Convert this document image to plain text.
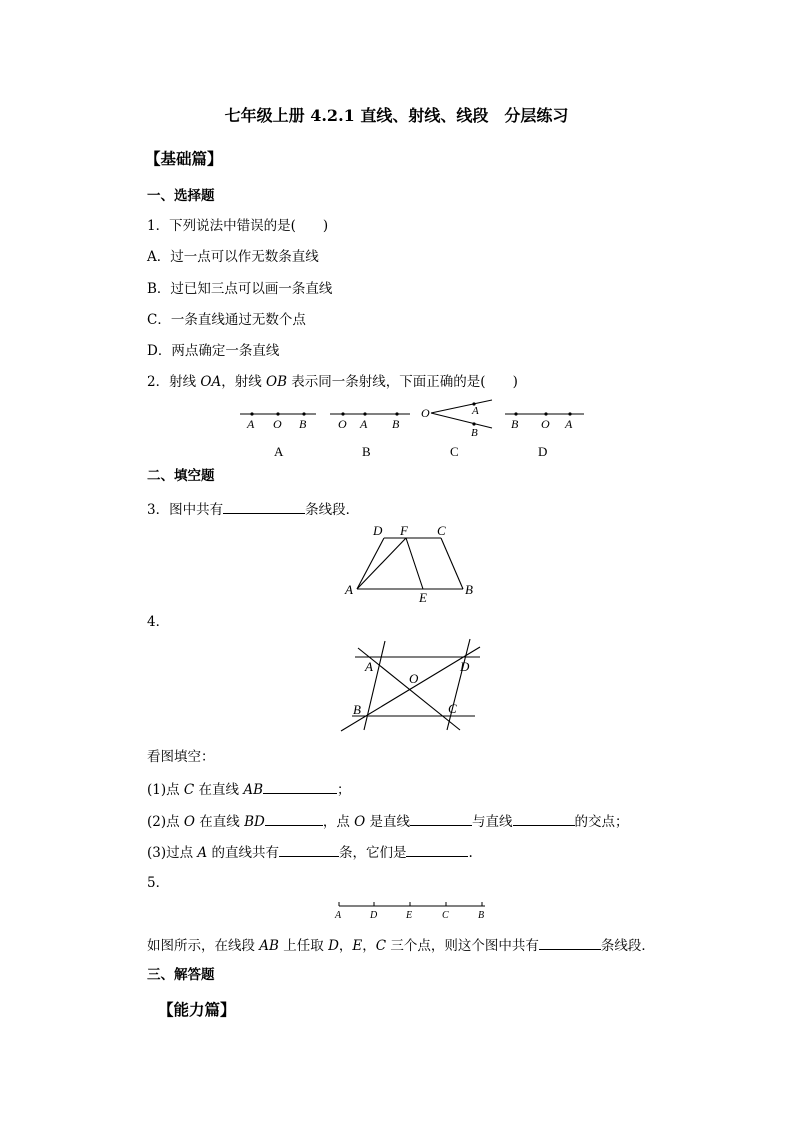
七年级上册 4.2.1 直线、射线、线段　分层练习
【基础篇】
一、选择题
1．下列说法中错误的是(　　)
A．过一点可以作无数条直线
B．过已知三点可以画一条直线
C．一条直线通过无数个点
D．两点确定一条直线
2．射线 OA，射线 OB 表示同一条射线，下面正确的是(　　)
A O B	O A B
O	A
B
B O A
A	B	C	D
二、填空题
3．图中共有	条线段．
D F C
A
E
B
4．
A	D
O
B	C
看图填空：
(1)点 C 在直线 AB	；
(2)点 O 在直线 BD	，点 O 是直线	与直线	的交点；
(3)过点 A 的直线共有	条，它们是	.
5．
A	D	E	C	B
如图所示，在线段 AB 上任取 D，E，C 三个点，则这个图中共有	条线段．
三、解答题
【能力篇】
